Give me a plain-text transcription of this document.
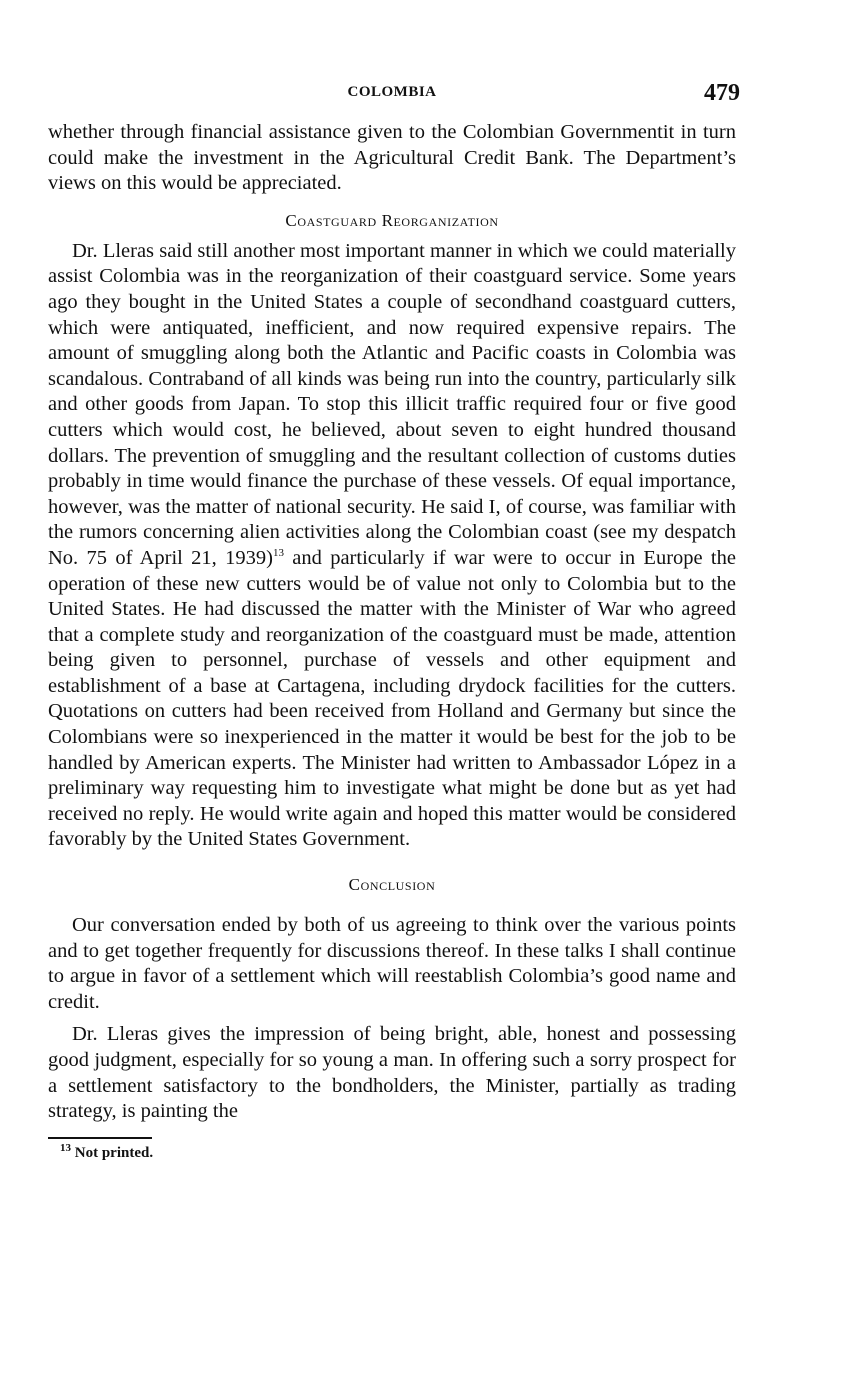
COLOMBIA	479

whether through financial assistance given to the Colombian Governmentit in turn could make the investment in the Agricultural Credit Bank. The Department’s views on this would be appreciated.

Coastguard Reorganization

Dr. Lleras said still another most important manner in which we could materially assist Colombia was in the reorganization of their coastguard service. Some years ago they bought in the United States a couple of secondhand coastguard cutters, which were antiquated, inefficient, and now required expensive repairs. The amount of smuggling along both the Atlantic and Pacific coasts in Colombia was scandalous. Contraband of all kinds was being run into the country, particularly silk and other goods from Japan. To stop this illicit traffic required four or five good cutters which would cost, he believed, about seven to eight hundred thousand dollars. The prevention of smuggling and the resultant collection of customs duties probably in time would finance the purchase of these vessels. Of equal importance, however, was the matter of national security. He said I, of course, was familiar with the rumors concerning alien activities along the Colombian coast (see my despatch No. 75 of April 21, 1939)$^{13}$ and particularly if war were to occur in Europe the operation of these new cutters would be of value not only to Colombia but to the United States. He had discussed the matter with the Minister of War who agreed that a complete study and reorganization of the coastguard must be made, attention being given to personnel, purchase of vessels and other equipment and establishment of a base at Cartagena, including drydock facilities for the cutters. Quotations on cutters had been received from Holland and Germany but since the Colombians were so inexperienced in the matter it would be best for the job to be handled by American experts. The Minister had written to Ambassador López in a preliminary way requesting him to investigate what might be done but as yet had received no reply. He would write again and hoped this matter would be considered favorably by the United States Government.

Conclusion

Our conversation ended by both of us agreeing to think over the various points and to get together frequently for discussions thereof. In these talks I shall continue to argue in favor of a settlement which will reestablish Colombia’s good name and credit.

Dr. Lleras gives the impression of being bright, able, honest and possessing good judgment, especially for so young a man. In offering such a sorry prospect for a settlement satisfactory to the bondholders, the Minister, partially as trading strategy, is painting the

$^{13}$ Not printed.
